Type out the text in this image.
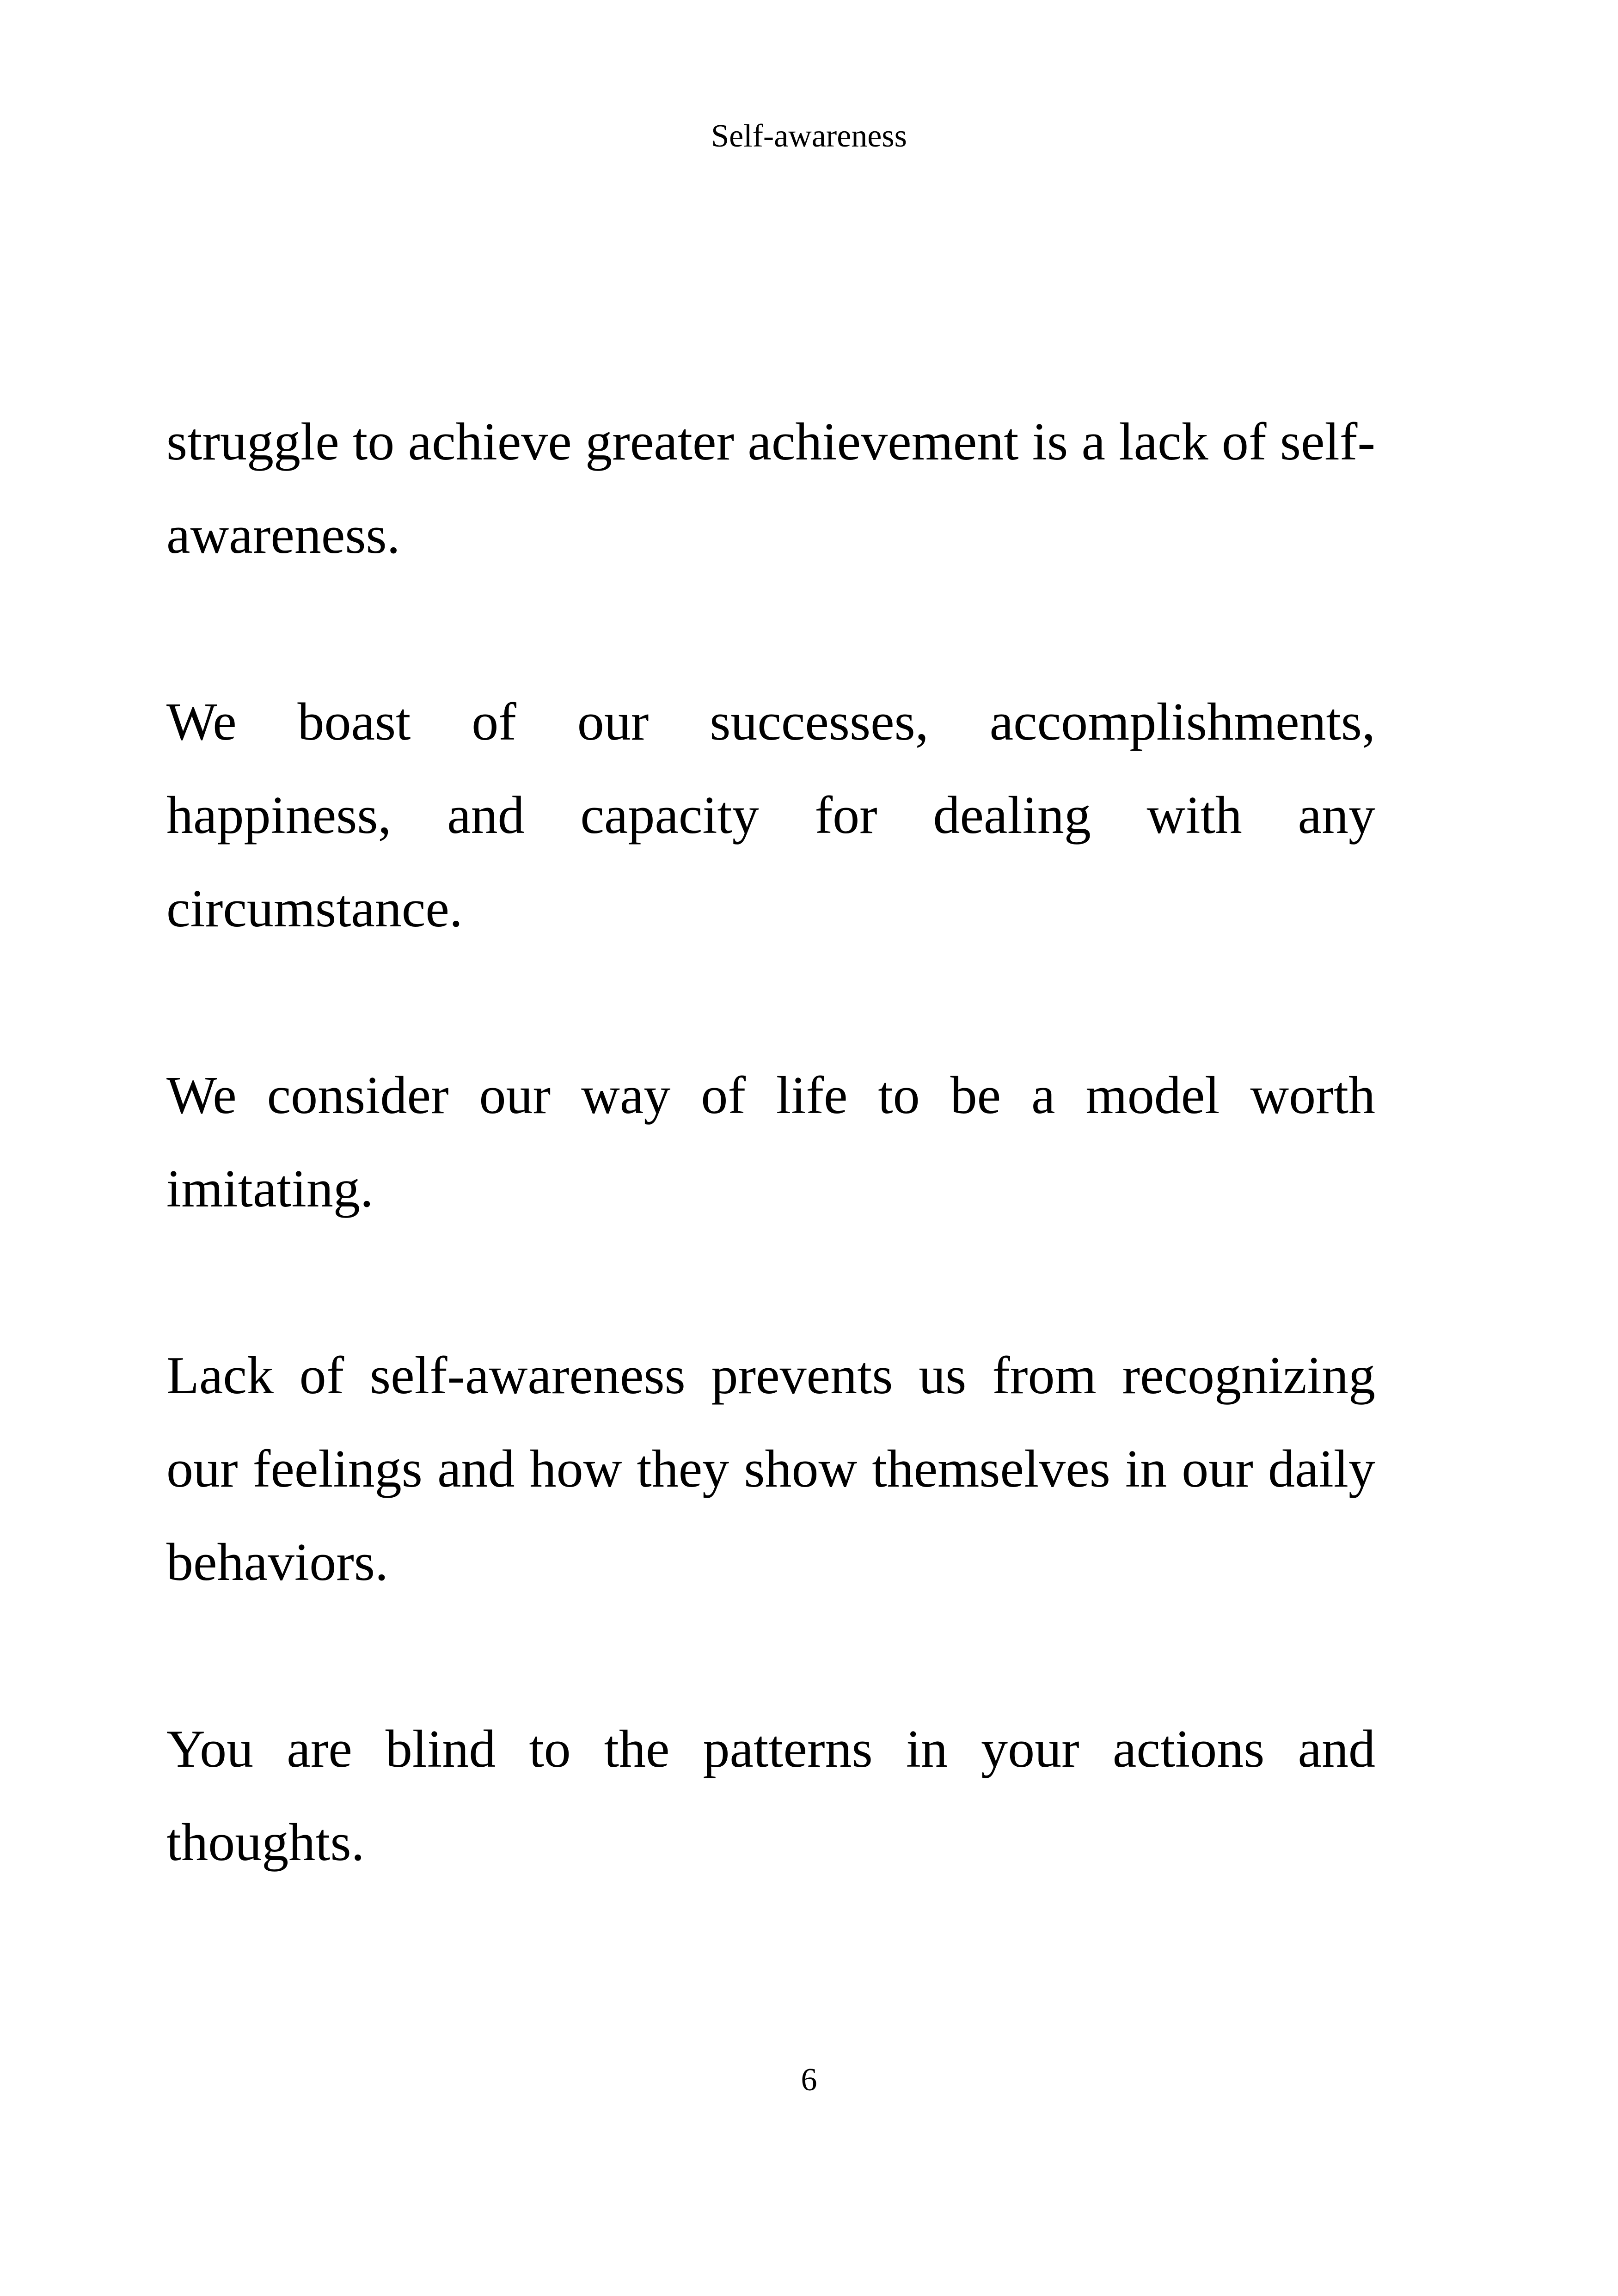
Self-awareness

struggle to achieve greater achievement is a lack of self-awareness.

We boast of our successes, accomplishments, happiness, and capacity for dealing with any circumstance.

We consider our way of life to be a model worth imitating.

Lack of self-awareness prevents us from recognizing our feelings and how they show themselves in our daily behaviors.

You are blind to the patterns in your actions and thoughts.

6
